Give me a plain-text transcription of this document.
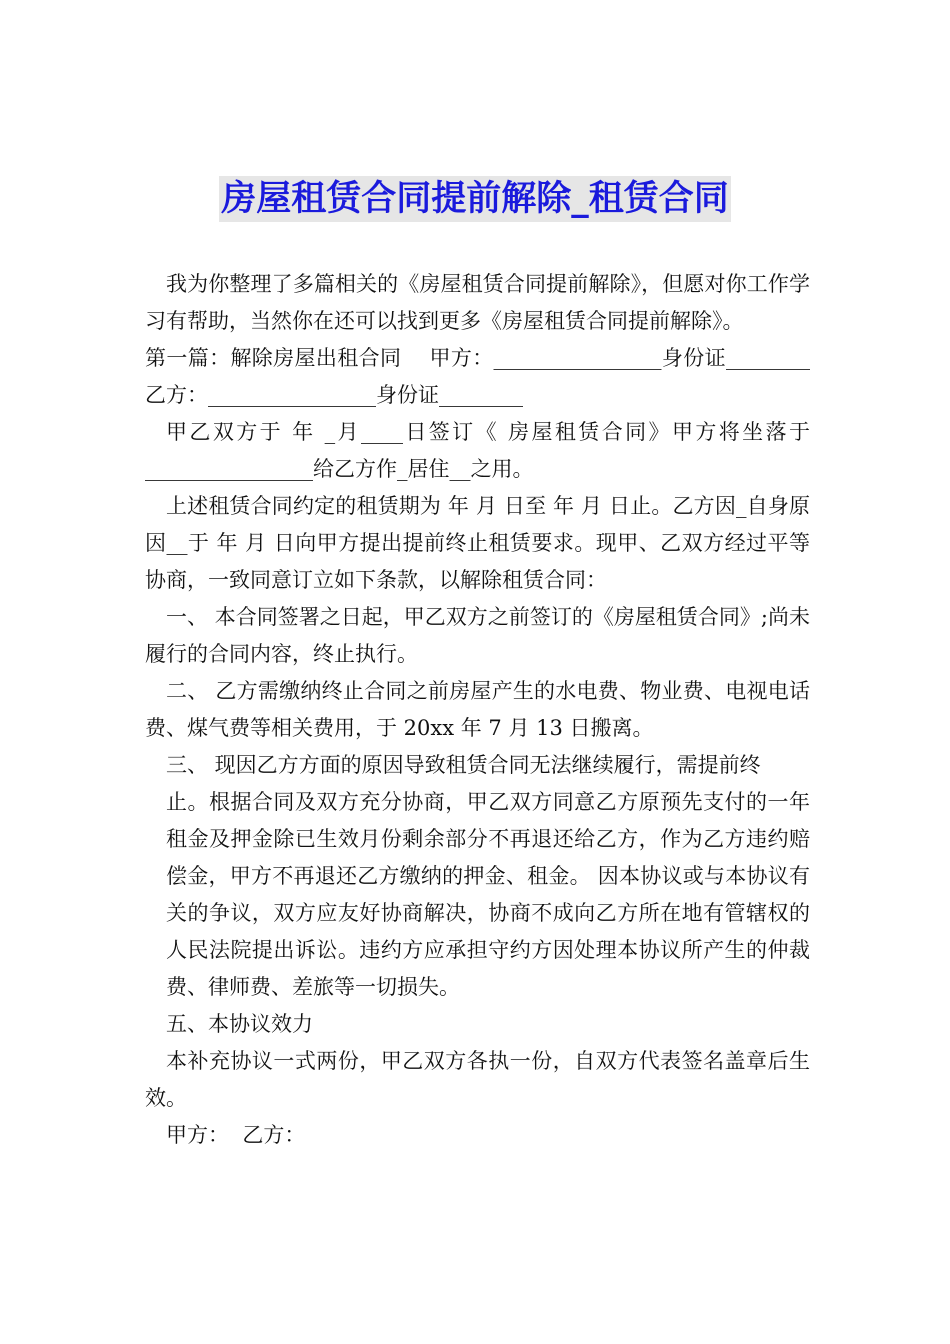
房屋租赁合同提前解除_租赁合同

我为你整理了多篇相关的《房屋租赁合同提前解除》，但愿对你工作学习有帮助，当然你在还可以找到更多《房屋租赁合同提前解除》。

第一篇：解除房屋出租合同    甲方：________________身份证________ 乙方：________________身份证________

甲乙双方于 年 _月____日签订《 房屋租赁合同》甲方将坐落于________________给乙方作_居住__之用。

上述租赁合同约定的租赁期为 年 月 日至 年 月 日止。乙方因_自身原因__于 年 月 日向甲方提出提前终止租赁要求。现甲、乙双方经过平等协商，一致同意订立如下条款，以解除租赁合同：

一、 本合同签署之日起，甲乙双方之前签订的《房屋租赁合同》;尚未履行的合同内容，终止执行。

二、 乙方需缴纳终止合同之前房屋产生的水电费、物业费、电视电话费、煤气费等相关费用，于 20xx 年 7 月 13 日搬离。

三、 现因乙方方面的原因导致租赁合同无法继续履行，需提前终

止。根据合同及双方充分协商，甲乙双方同意乙方原预先支付的一年租金及押金除已生效月份剩余部分不再退还给乙方，作为乙方违约赔偿金，甲方不再退还乙方缴纳的押金、租金。 因本协议或与本协议有关的争议，双方应友好协商解决，协商不成向乙方所在地有管辖权的人民法院提出诉讼。违约方应承担守约方因处理本协议所产生的仲裁费、律师费、差旅等一切损失。

五、本协议效力

本补充协议一式两份，甲乙双方各执一份，自双方代表签名盖章后生效。

甲方：  乙方：
